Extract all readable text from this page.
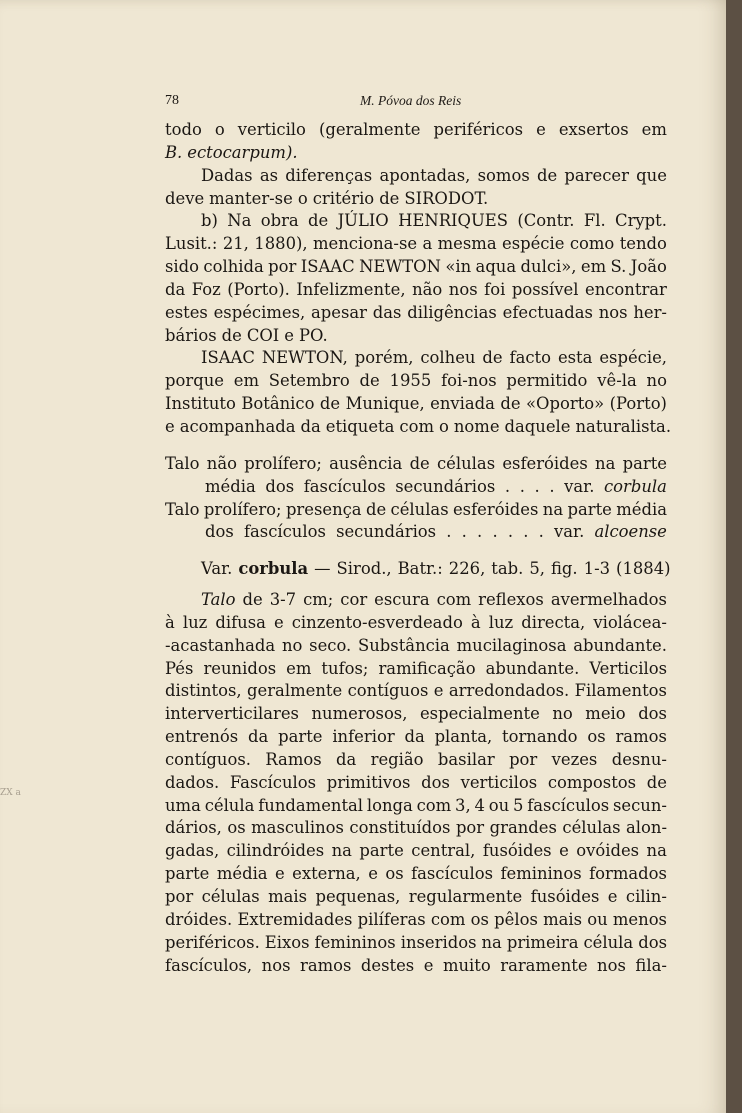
78	M. Póvoa dos Reis
todo o verticilo (geralmente periféricos e exsertos em
B. ectocarpum).
Dadas as diferenças apontadas, somos de parecer que
deve manter-se o critério de SIRODOT.
b) Na obra de JÚLIO HENRIQUES (Contr. Fl. Crypt.
Lusit.: 21, 1880), menciona-se a mesma espécie como tendo
sido colhida por ISAAC NEWTON «in aqua dulci», em S. João
da Foz (Porto). Infelizmente, não nos foi possível encontrar
estes espécimes, apesar das diligências efectuadas nos her-
bários de COI e PO.
ISAAC NEWTON, porém, colheu de facto esta espécie,
porque em Setembro de 1955 foi-nos permitido vê-la no
Instituto Botânico de Munique, enviada de «Oporto» (Porto)
e acompanhada da etiqueta com o nome daquele naturalista.
Talo não prolífero; ausência de células esferóides na parte
média dos fascículos secundários . . . . var. corbula
Talo prolífero; presença de células esferóides na parte média
dos fascículos secundários . . . . . . . var. alcoense
Var. corbula — Sirod., Batr.: 226, tab. 5, fig. 1-3 (1884)
Talo de 3-7 cm; cor escura com reflexos avermelhados
à luz difusa e cinzento-esverdeado à luz directa, violácea-
-acastanhada no seco. Substância mucilaginosa abundante.
Pés reunidos em tufos; ramificação abundante. Verticilos
distintos, geralmente contíguos e arredondados. Filamentos
interverticilares numerosos, especialmente no meio dos
entrenós da parte inferior da planta, tornando os ramos
contíguos. Ramos da região basilar por vezes desnu-
dados. Fascículos primitivos dos verticilos compostos de
uma célula fundamental longa com 3, 4 ou 5 fascículos secun-
dários, os masculinos constituídos por grandes células alon-
gadas, cilindróides na parte central, fusóides e ovóides na
parte média e externa, e os fascículos femininos formados
por células mais pequenas, regularmente fusóides e cilin-
dróides. Extremidades pilíferas com os pêlos mais ou menos
periféricos. Eixos femininos inseridos na primeira célula dos
fascículos, nos ramos destes e muito raramente nos fila-
ZX a
